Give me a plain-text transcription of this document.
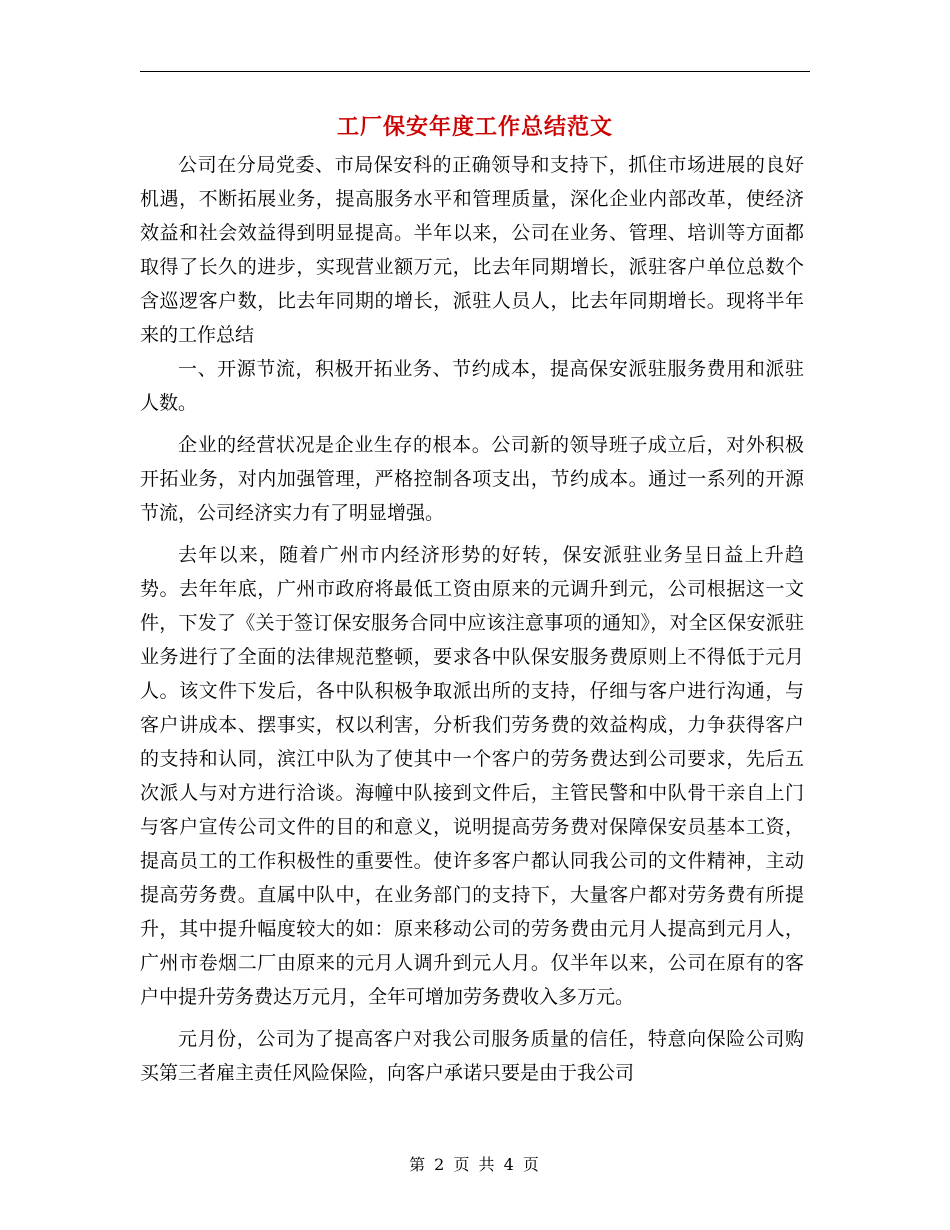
工厂保安年度工作总结范文

公司在分局党委、市局保安科的正确领导和支持下，抓住市场进展的良好机遇，不断拓展业务，提高服务水平和管理质量，深化企业内部改革，使经济效益和社会效益得到明显提高。半年以来，公司在业务、管理、培训等方面都取得了长久的进步，实现营业额万元，比去年同期增长，派驻客户单位总数个含巡逻客户数，比去年同期的增长，派驻人员人，比去年同期增长。现将半年来的工作总结

一、开源节流，积极开拓业务、节约成本，提高保安派驻服务费用和派驻人数。

企业的经营状况是企业生存的根本。公司新的领导班子成立后，对外积极开拓业务，对内加强管理，严格控制各项支出，节约成本。通过一系列的开源节流，公司经济实力有了明显增强。

去年以来，随着广州市内经济形势的好转，保安派驻业务呈日益上升趋势。去年年底，广州市政府将最低工资由原来的元调升到元，公司根据这一文件，下发了《关于签订保安服务合同中应该注意事项的通知》，对全区保安派驻业务进行了全面的法律规范整顿，要求各中队保安服务费原则上不得低于元月人。该文件下发后，各中队积极争取派出所的支持，仔细与客户进行沟通，与客户讲成本、摆事实，权以利害，分析我们劳务费的效益构成，力争获得客户的支持和认同，滨江中队为了使其中一个客户的劳务费达到公司要求，先后五次派人与对方进行洽谈。海幢中队接到文件后，主管民警和中队骨干亲自上门与客户宣传公司文件的目的和意义，说明提高劳务费对保障保安员基本工资，提高员工的工作积极性的重要性。使许多客户都认同我公司的文件精神，主动提高劳务费。直属中队中，在业务部门的支持下，大量客户都对劳务费有所提升，其中提升幅度较大的如：原来移动公司的劳务费由元月人提高到元月人，广州市卷烟二厂由原来的元月人调升到元人月。仅半年以来，公司在原有的客户中提升劳务费达万元月，全年可增加劳务费收入多万元。

元月份，公司为了提高客户对我公司服务质量的信任，特意向保险公司购买第三者雇主责任风险保险，向客户承诺只要是由于我公司

第 2 页 共 4 页
